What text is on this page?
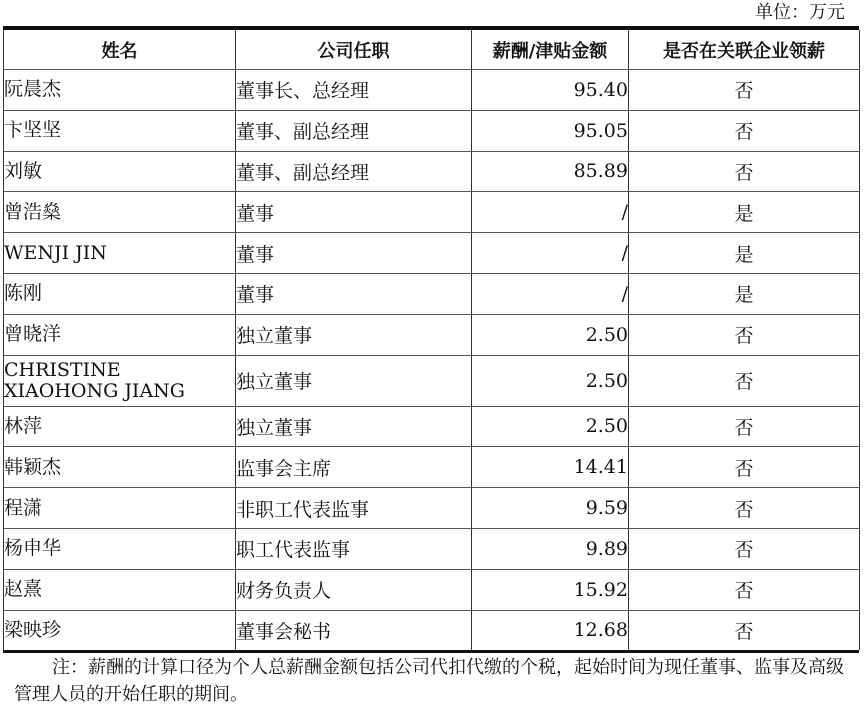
单位：万元
姓名	公司任职	薪酬/津贴金额	是否在关联企业领薪
阮晨杰	董事长、总经理	95.40	否
卞坚坚	董事、副总经理	95.05	否
刘敏	董事、副总经理	85.89	否
曾浩燊	董事	/	是
WENJI JIN	董事	/	是
陈刚	董事	/	是
曾晓洋	独立董事	2.50	否

CHRISTINE
XIAOHONG JIANG	独立董事	2.50	否
林萍	独立董事	2.50	否
韩颖杰	监事会主席	14.41	否
程潇	非职工代表监事	9.59	否
杨申华	职工代表监事	9.89	否
赵熹	财务负责人	15.92	否
梁映珍	董事会秘书	12.68	否
注：薪酬的计算口径为个人总薪酬金额包括公司代扣代缴的个税，起始时间为现任董事、监事及高级管理人员的开始任职的期间。
